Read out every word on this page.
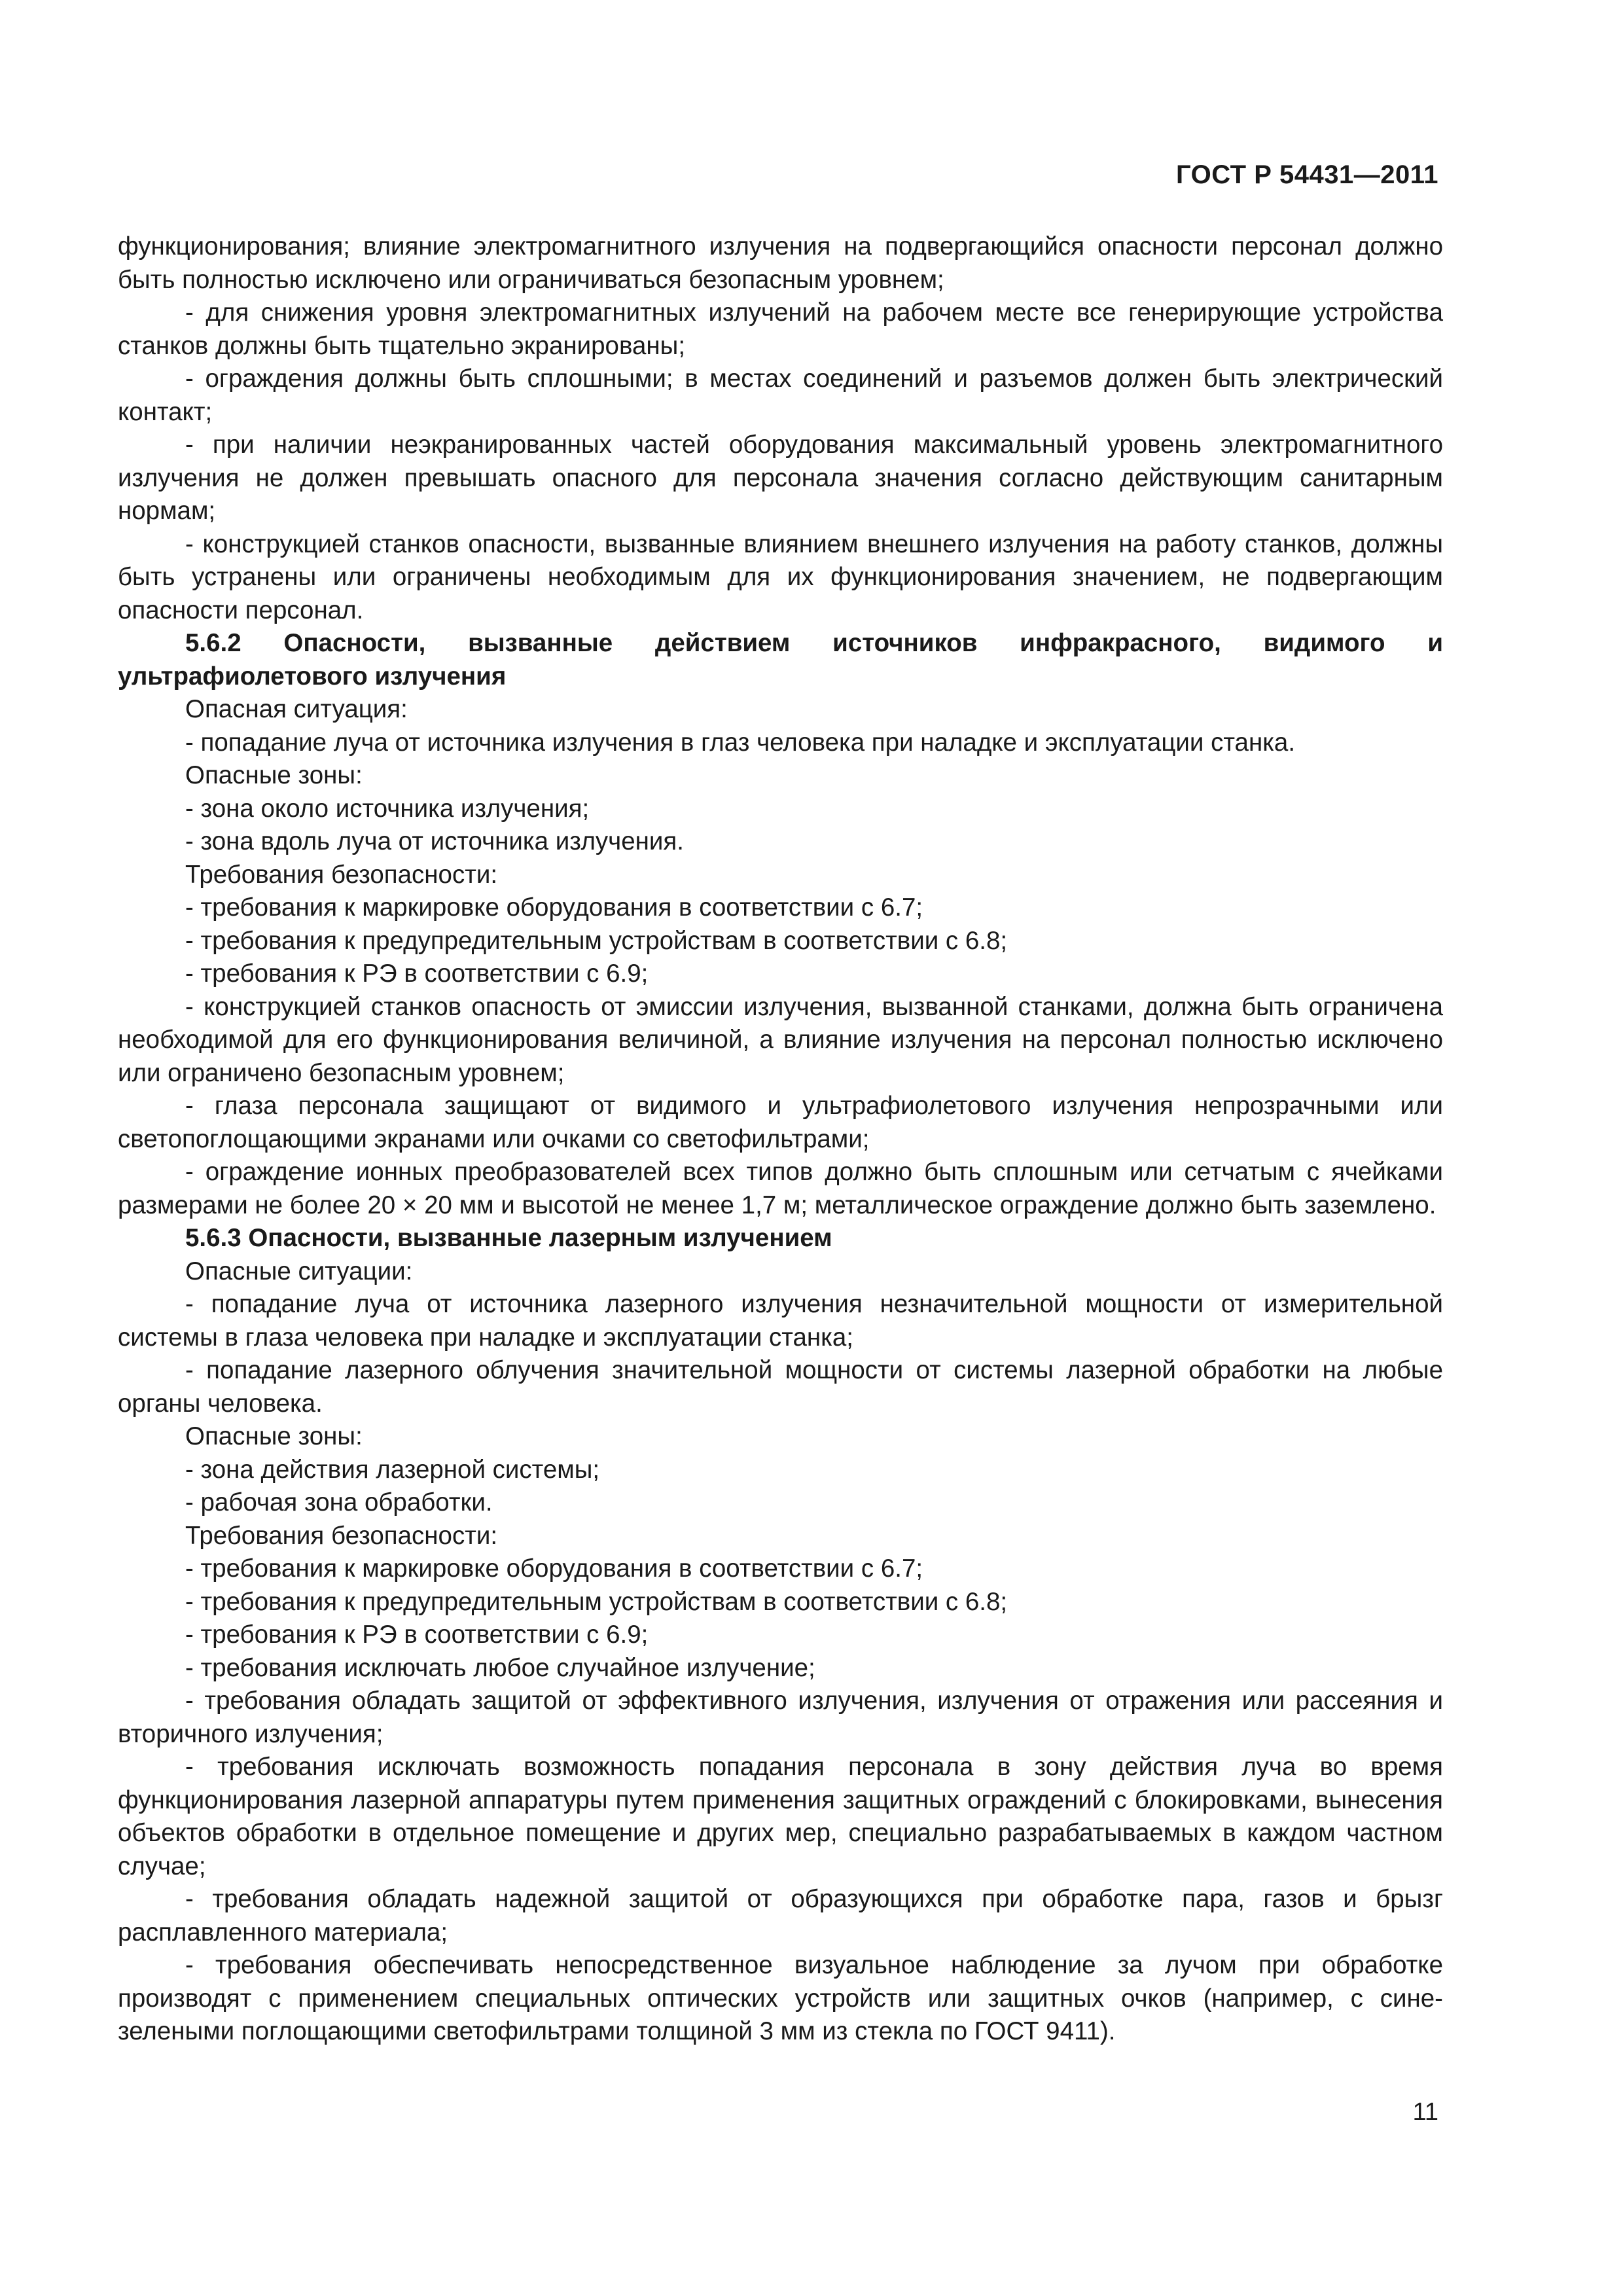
ГОСТ Р 54431—2011

функционирования; влияние электромагнитного излучения на подвергающийся опасности персонал должно быть полностью исключено или ограничиваться безопасным уровнем;

- для снижения уровня электромагнитных излучений на рабочем месте все генерирующие устройства станков должны быть тщательно экранированы;

- ограждения должны быть сплошными; в местах соединений и разъемов должен быть электрический контакт;

- при наличии неэкранированных частей оборудования максимальный уровень электромагнитного излучения не должен превышать опасного для персонала значения согласно действующим санитарным нормам;

- конструкцией станков опасности, вызванные влиянием внешнего излучения на работу станков, должны быть устранены или ограничены необходимым для их функционирования значением, не подвергающим опасности персонал.

5.6.2 Опасности, вызванные действием источников инфракрасного, видимого и ультрафиолетового излучения

Опасная ситуация:

- попадание луча от источника излучения в глаз человека при наладке и эксплуатации станка.

Опасные зоны:

- зона около источника излучения;

- зона вдоль луча от источника излучения.

Требования безопасности:

- требования к маркировке оборудования в соответствии с 6.7;

- требования к предупредительным устройствам в соответствии с 6.8;

- требования к РЭ в соответствии с 6.9;

- конструкцией станков опасность от эмиссии излучения, вызванной станками, должна быть ограничена необходимой для его функционирования величиной, а влияние излучения на персонал полностью исключено или ограничено безопасным уровнем;

- глаза персонала защищают от видимого и ультрафиолетового излучения непрозрачными или светопоглощающими экранами или очками со светофильтрами;

- ограждение ионных преобразователей всех типов должно быть сплошным или сетчатым с ячейками размерами не более 20 × 20 мм и высотой не менее 1,7 м; металлическое ограждение должно быть заземлено.

5.6.3 Опасности, вызванные лазерным излучением

Опасные ситуации:

- попадание луча от источника лазерного излучения незначительной мощности от измерительной системы в глаза человека при наладке и эксплуатации станка;

- попадание лазерного облучения значительной мощности от системы лазерной обработки на любые органы человека.

Опасные зоны:

- зона действия лазерной системы;

- рабочая зона обработки.

Требования безопасности:

- требования к маркировке оборудования в соответствии с 6.7;

- требования к предупредительным устройствам в соответствии с 6.8;

- требования к РЭ в соответствии с 6.9;

- требования исключать любое случайное излучение;

- требования обладать защитой от эффективного излучения, излучения от отражения или рассеяния и вторичного излучения;

- требования исключать возможность попадания персонала в зону действия луча во время функционирования лазерной аппаратуры путем применения защитных ограждений с блокировками, вынесения объектов обработки в отдельное помещение и других мер, специально разрабатываемых в каждом частном случае;

- требования обладать надежной защитой от образующихся при обработке пара, газов и брызг расплавленного материала;

- требования обеспечивать непосредственное визуальное наблюдение за лучом при обработке производят с применением специальных оптических устройств или защитных очков (например, с сине-зелеными поглощающими светофильтрами толщиной 3 мм из стекла по ГОСТ 9411).

11
